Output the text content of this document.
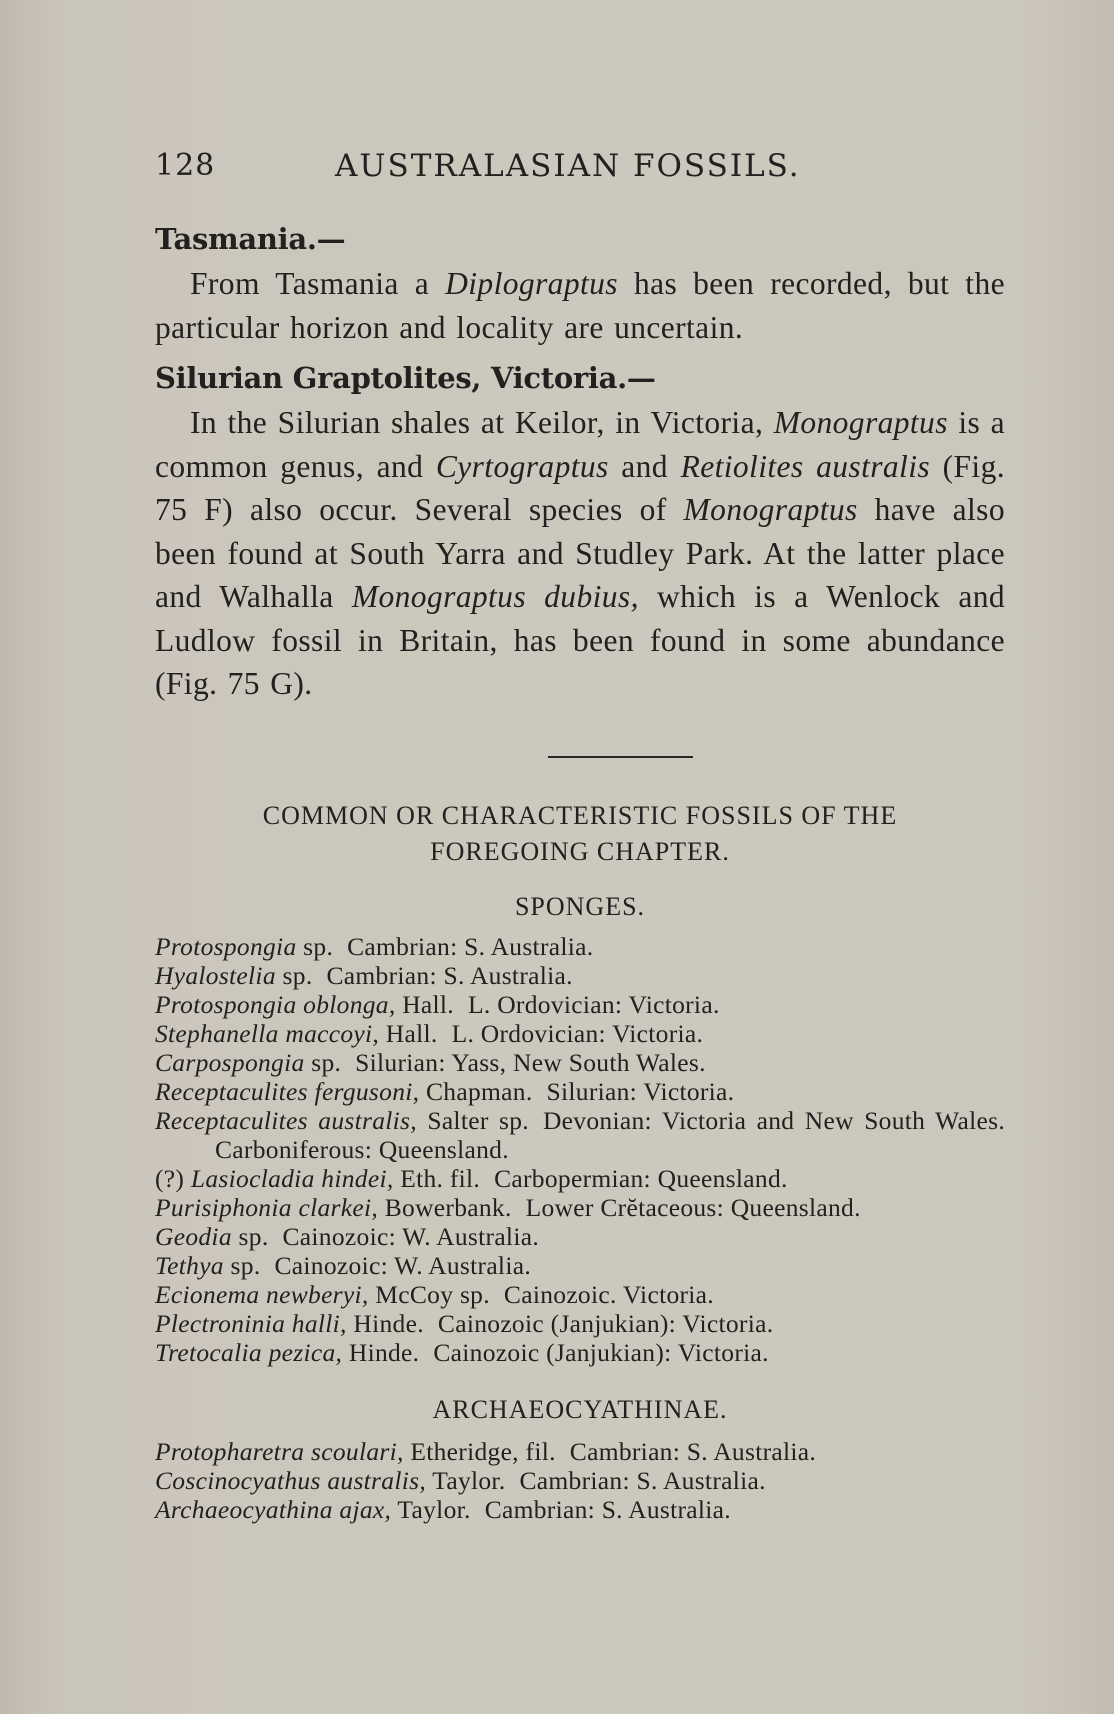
128	AUSTRALASIAN FOSSILS.
Tasmania.—

From Tasmania a Diplograptus has been recorded, but the particular horizon and locality are uncertain.

Silurian Graptolites, Victoria.—

In the Silurian shales at Keilor, in Victoria, Monograptus is a common genus, and Cyrtograptus and Retiolites australis (Fig. 75 F) also occur. Several species of Monograptus have also been found at South Yarra and Studley Park. At the latter place and Walhalla Monograptus dubius, which is a Wenlock and Ludlow fossil in Britain, has been found in some abundance (Fig. 75 G).

COMMON OR CHARACTERISTIC FOSSILS OF THE
FOREGOING CHAPTER.
SPONGES.
Protospongia sp. Cambrian: S. Australia.
Hyalostelia sp. Cambrian: S. Australia.
Protospongia oblonga, Hall. L. Ordovician: Victoria.
Stephanella maccoyi, Hall. L. Ordovician: Victoria.
Carpospongia sp. Silurian: Yass, New South Wales.
Receptaculites fergusoni, Chapman. Silurian: Victoria.
Receptaculites australis, Salter sp. Devonian: Victoria and New South Wales. Carboniferous: Queensland.
(?) Lasiocladia hindei, Eth. fil. Carbopermian: Queensland.
Purisiphonia clarkei, Bowerbank. Lower Crĕtaceous: Queensland.
Geodia sp. Cainozoic: W. Australia.
Tethya sp. Cainozoic: W. Australia.
Ecionema newberyi, McCoy sp. Cainozoic. Victoria.
Plectroninia halli, Hinde. Cainozoic (Janjukian): Victoria.
Tretocalia pezica, Hinde. Cainozoic (Janjukian): Victoria.
ARCHAEOCYATHINAE.
Protopharetra scoulari, Etheridge, fil. Cambrian: S. Australia.
Coscinocyathus australis, Taylor. Cambrian: S. Australia.
Archaeocyathina ajax, Taylor. Cambrian: S. Australia.
